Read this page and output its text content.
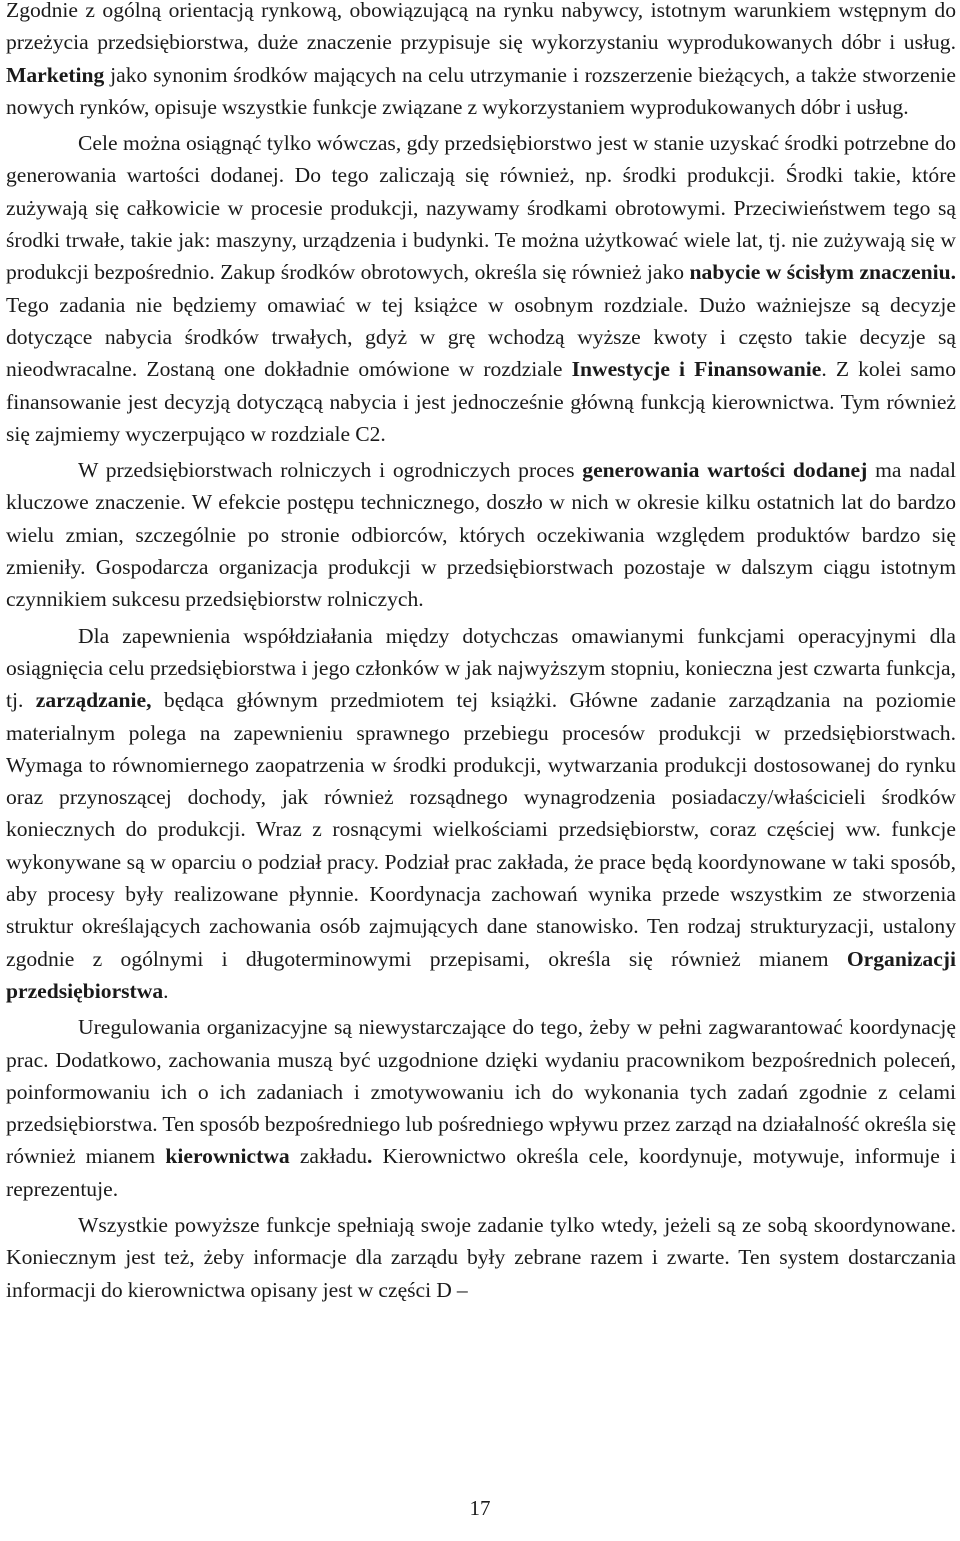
Zgodnie z ogólną orientacją rynkową, obowiązującą na rynku nabywcy, istotnym warunkiem wstępnym do przeżycia przedsiębiorstwa, duże znaczenie przypisuje się wykorzystaniu wyprodukowanych dóbr i usług. Marketing jako synonim środków mających na celu utrzymanie i rozszerzenie bieżących, a także stworzenie nowych rynków, opisuje wszystkie funkcje związane z wykorzystaniem wyprodukowanych dóbr i usług.

Cele można osiągnąć tylko wówczas, gdy przedsiębiorstwo jest w stanie uzyskać środki potrzebne do generowania wartości dodanej. Do tego zaliczają się również, np. środki produkcji. Środki takie, które zużywają się całkowicie w procesie produkcji, nazywamy środkami obrotowymi. Przeciwieństwem tego są środki trwałe, takie jak: maszyny, urządzenia i budynki. Te można użytkować wiele lat, tj. nie zużywają się w produkcji bezpośrednio. Zakup środków obrotowych, określa się również jako nabycie w ścisłym znaczeniu. Tego zadania nie będziemy omawiać w tej książce w osobnym rozdziale. Dużo ważniejsze są decyzje dotyczące nabycia środków trwałych, gdyż w grę wchodzą wyższe kwoty i często takie decyzje są nieodwracalne. Zostaną one dokładnie omówione w rozdziale Inwestycje i Finansowanie. Z kolei samo finansowanie jest decyzją dotyczącą nabycia i jest jednocześnie główną funkcją kierownictwa. Tym również się zajmiemy wyczerpująco w rozdziale C2.

W przedsiębiorstwach rolniczych i ogrodniczych proces generowania wartości dodanej ma nadal kluczowe znaczenie. W efekcie postępu technicznego, doszło w nich w okresie kilku ostatnich lat do bardzo wielu zmian, szczególnie po stronie odbiorców, których oczekiwania względem produktów bardzo się zmieniły. Gospodarcza organizacja produkcji w przedsiębiorstwach pozostaje w dalszym ciągu istotnym czynnikiem sukcesu przedsiębiorstw rolniczych.

Dla zapewnienia współdziałania między dotychczas omawianymi funkcjami operacyjnymi dla osiągnięcia celu przedsiębiorstwa i jego członków w jak najwyższym stopniu, konieczna jest czwarta funkcja, tj. zarządzanie, będąca głównym przedmiotem tej książki. Główne zadanie zarządzania na poziomie materialnym polega na zapewnieniu sprawnego przebiegu procesów produkcji w przedsiębiorstwach. Wymaga to równomiernego zaopatrzenia w środki produkcji, wytwarzania produkcji dostosowanej do rynku oraz przynoszącej dochody, jak również rozsądnego wynagrodzenia posiadaczy/właścicieli środków koniecznych do produkcji. Wraz z rosnącymi wielkościami przedsiębiorstw, coraz częściej ww. funkcje wykonywane są w oparciu o podział pracy. Podział prac zakłada, że prace będą koordynowane w taki sposób, aby procesy były realizowane płynnie. Koordynacja zachowań wynika przede wszystkim ze stworzenia struktur określających zachowania osób zajmujących dane stanowisko. Ten rodzaj strukturyzacji, ustalony zgodnie z ogólnymi i długoterminowymi przepisami, określa się również mianem Organizacji przedsiębiorstwa.

Uregulowania organizacyjne są niewystarczające do tego, żeby w pełni zagwarantować koordynację prac. Dodatkowo, zachowania muszą być uzgodnione dzięki wydaniu pracownikom bezpośrednich poleceń, poinformowaniu ich o ich zadaniach i zmotywowaniu ich do wykonania tych zadań zgodnie z celami przedsiębiorstwa. Ten sposób bezpośredniego lub pośredniego wpływu przez zarząd na działalność określa się również mianem kierownictwa zakładu. Kierownictwo określa cele, koordynuje, motywuje, informuje i reprezentuje.

Wszystkie powyższe funkcje spełniają swoje zadanie tylko wtedy, jeżeli są ze sobą skoordynowane. Koniecznym jest też, żeby informacje dla zarządu były zebrane razem i zwarte. Ten system dostarczania informacji do kierownictwa opisany jest w części D –

17
